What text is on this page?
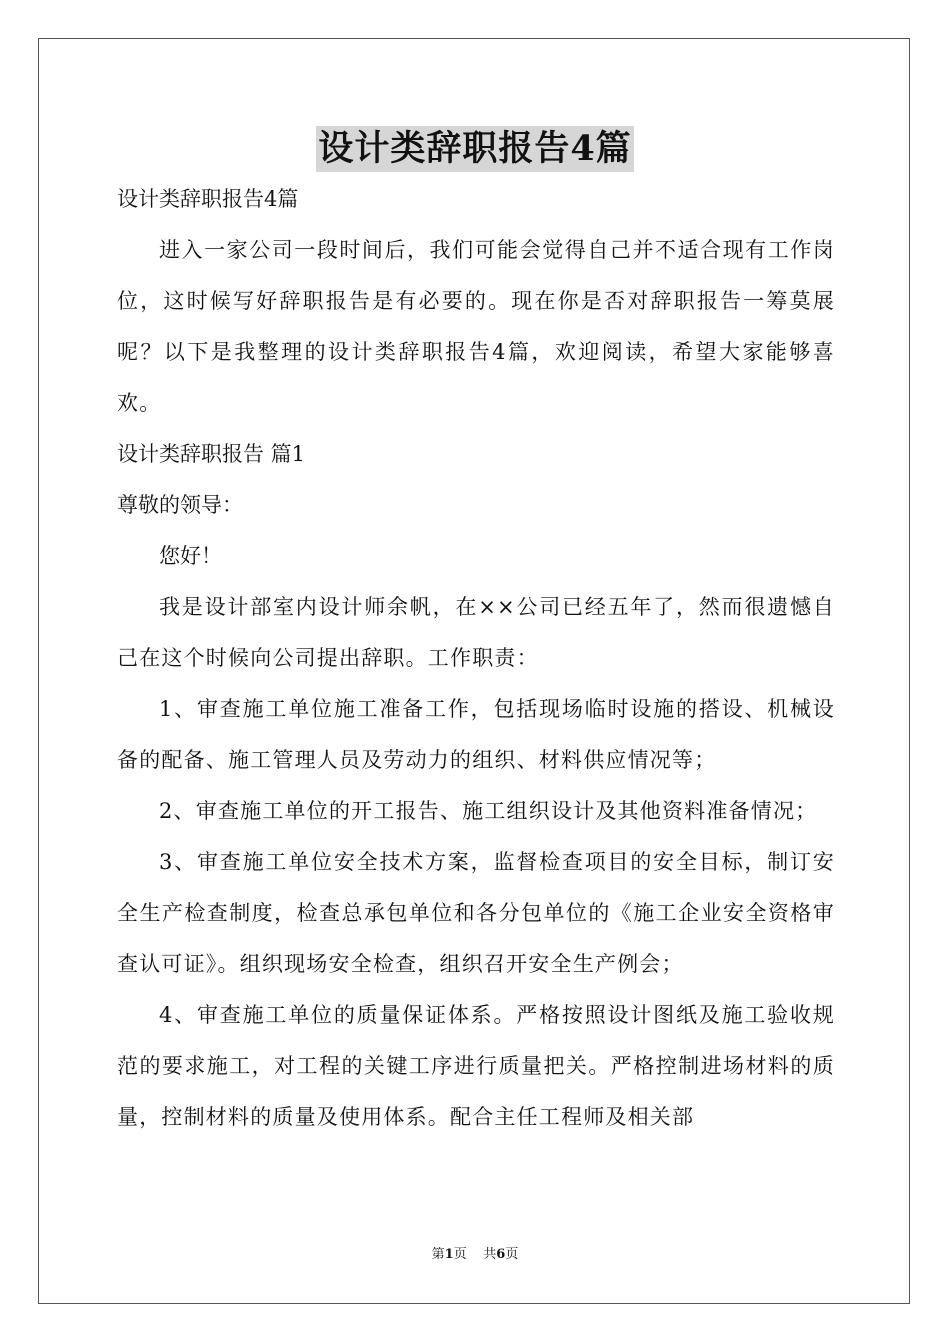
设计类辞职报告4篇

设计类辞职报告4篇

进入一家公司一段时间后，我们可能会觉得自己并不适合现有工作岗位，这时候写好辞职报告是有必要的。现在你是否对辞职报告一筹莫展呢？以下是我整理的设计类辞职报告4篇，欢迎阅读，希望大家能够喜欢。

设计类辞职报告 篇1

尊敬的领导：

您好！

我是设计部室内设计师余帆，在××公司已经五年了，然而很遗憾自己在这个时候向公司提出辞职。工作职责：

1、审查施工单位施工准备工作，包括现场临时设施的搭设、机械设备的配备、施工管理人员及劳动力的组织、材料供应情况等；

2、审查施工单位的开工报告、施工组织设计及其他资料准备情况；

3、审查施工单位安全技术方案，监督检查项目的安全目标，制订安全生产检查制度，检查总承包单位和各分包单位的《施工企业安全资格审查认可证》。组织现场安全检查，组织召开安全生产例会；

4、审查施工单位的质量保证体系。严格按照设计图纸及施工验收规范的要求施工，对工程的关键工序进行质量把关。严格控制进场材料的质量，控制材料的质量及使用体系。配合主任工程师及相关部

第1页 共6页
